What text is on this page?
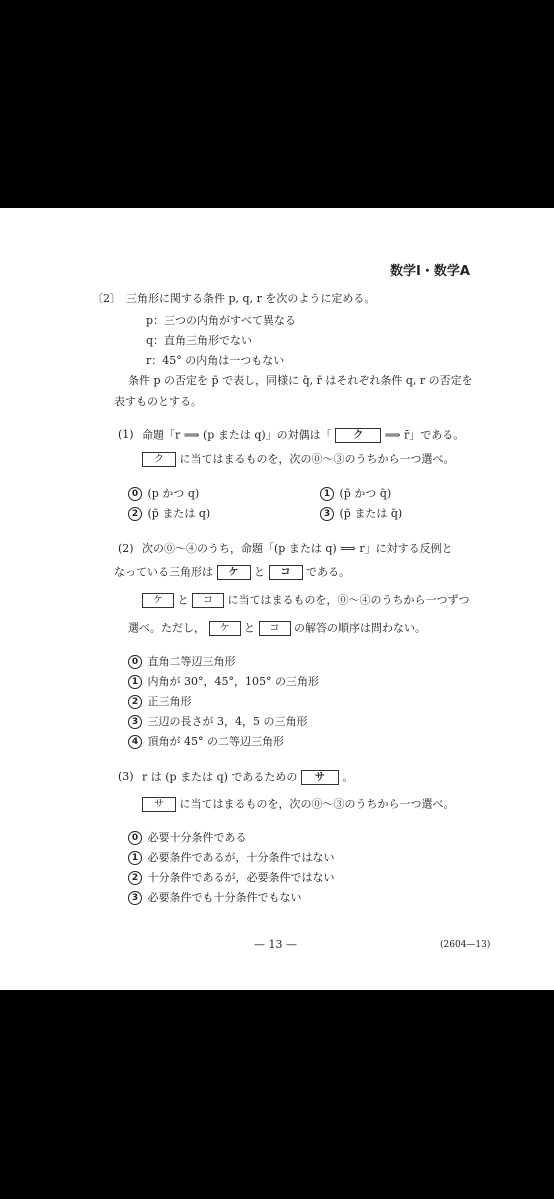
数学Ⅰ・数学A
〔2〕 三角形に関する条件 p, q, r を次のように定める。
p：三つの内角がすべて異なる
q：直角三角形でない
r：45° の内角は一つもない
条件 p の否定を p̄ で表し，同様に q̄, r̄ はそれぞれ条件 q, r の否定を
表すものとする。
(1) 命題「r ⟹ (p または q)」の対偶は「 ク ⟹ r̄」である。
ク に当てはまるものを，次の⓪～③のうちから一つ選べ。
0 (p かつ q)	1 (p̄ かつ q̄)
2 (p̄ または q)	3 (p̄ または q̄)
(2) 次の⓪～④のうち，命題「(p または q) ⟹ r」に対する反例と
なっている三角形は ケ と コ である。
ケ と コ に当てはまるものを，⓪～④のうちから一つずつ
選べ。ただし， ケ と コ の解答の順序は問わない。
0 直角二等辺三角形
1 内角が 30°，45°，105° の三角形
2 正三角形
3 三辺の長さが 3，4，5 の三角形
4 頂角が 45° の二等辺三角形
(3) r は (p または q) であるための サ 。
サ に当てはまるものを，次の⓪～③のうちから一つ選べ。
0 必要十分条件である
1 必要条件であるが，十分条件ではない
2 十分条件であるが，必要条件ではない
3 必要条件でも十分条件でもない
— 13 —	(2604—13)
